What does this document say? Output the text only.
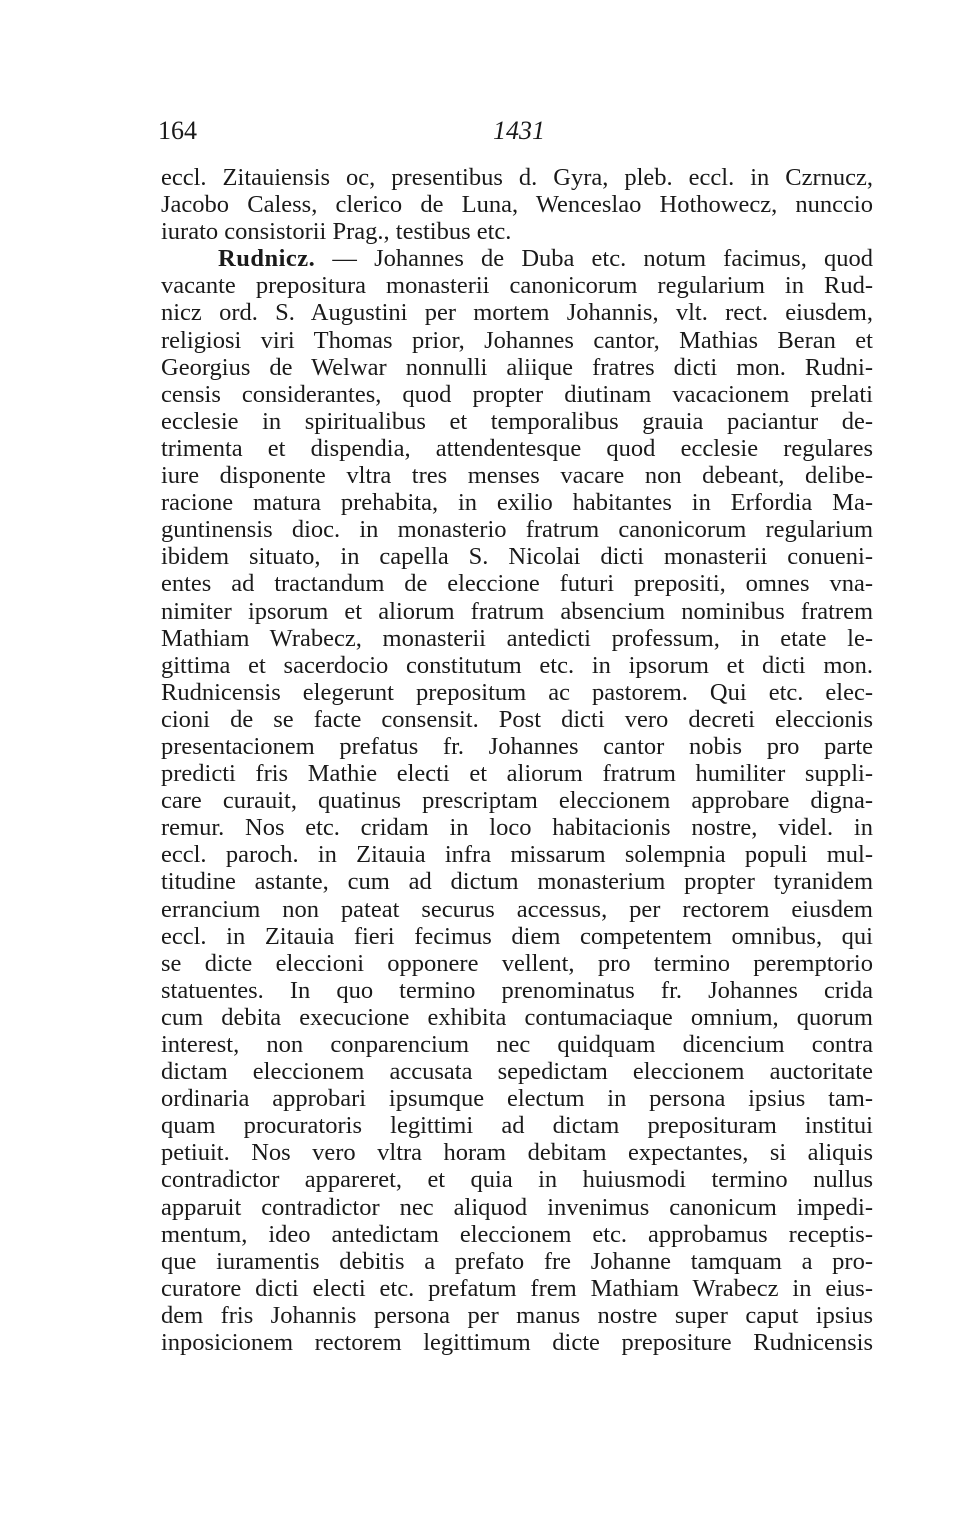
164	1431
eccl. Zitauiensis oc, presentibus d. Gyra, pleb. eccl. in Czrnucz,
Jacobo Caless, clerico de Luna, Wenceslao Hothowecz, nunccio
iurato consistorii Prag., testibus etc.
Rudnicz. — Johannes de Duba etc. notum facimus, quod
vacante prepositura monasterii canonicorum regularium in Rud-
nicz ord. S. Augustini per mortem Johannis, vlt. rect. eiusdem,
religiosi viri Thomas prior, Johannes cantor, Mathias Beran et
Georgius de Welwar nonnulli aliique fratres dicti mon. Rudni-
censis considerantes, quod propter diutinam vacacionem prelati
ecclesie in spiritualibus et temporalibus grauia paciantur de-
trimenta et dispendia, attendentesque quod ecclesie regulares
iure disponente vltra tres menses vacare non debeant, delibe-
racione matura prehabita, in exilio habitantes in Erfordia Ma-
guntinensis dioc. in monasterio fratrum canonicorum regularium
ibidem situato, in capella S. Nicolai dicti monasterii conueni-
entes ad tractandum de eleccione futuri prepositi, omnes vna-
nimiter ipsorum et aliorum fratrum absencium nominibus fratrem
Mathiam Wrabecz, monasterii antedicti professum, in etate le-
gittima et sacerdocio constitutum etc. in ipsorum et dicti mon.
Rudnicensis elegerunt prepositum ac pastorem. Qui etc. elec-
cioni de se facte consensit. Post dicti vero decreti eleccionis
presentacionem prefatus fr. Johannes cantor nobis pro parte
predicti fris Mathie electi et aliorum fratrum humiliter suppli-
care curauit, quatinus prescriptam eleccionem approbare digna-
remur. Nos etc. cridam in loco habitacionis nostre, videl. in
eccl. paroch. in Zitauia infra missarum solempnia populi mul-
titudine astante, cum ad dictum monasterium propter tyranidem
errancium non pateat securus accessus, per rectorem eiusdem
eccl. in Zitauia fieri fecimus diem competentem omnibus, qui
se dicte eleccioni opponere vellent, pro termino peremptorio
statuentes. In quo termino prenominatus fr. Johannes crida
cum debita execucione exhibita contumaciaque omnium, quorum
interest, non conparencium nec quidquam dicencium contra
dictam eleccionem accusata sepedictam eleccionem auctoritate
ordinaria approbari ipsumque electum in persona ipsius tam-
quam procuratoris legittimi ad dictam preposituram institui
petiuit. Nos vero vltra horam debitam expectantes, si aliquis
contradictor appareret, et quia in huiusmodi termino nullus
apparuit contradictor nec aliquod invenimus canonicum impedi-
mentum, ideo antedictam eleccionem etc. approbamus receptis-
que iuramentis debitis a prefato fre Johanne tamquam a pro-
curatore dicti electi etc. prefatum frem Mathiam Wrabecz in eius-
dem fris Johannis persona per manus nostre super caput ipsius
inposicionem rectorem legittimum dicte prepositure Rudnicensis
